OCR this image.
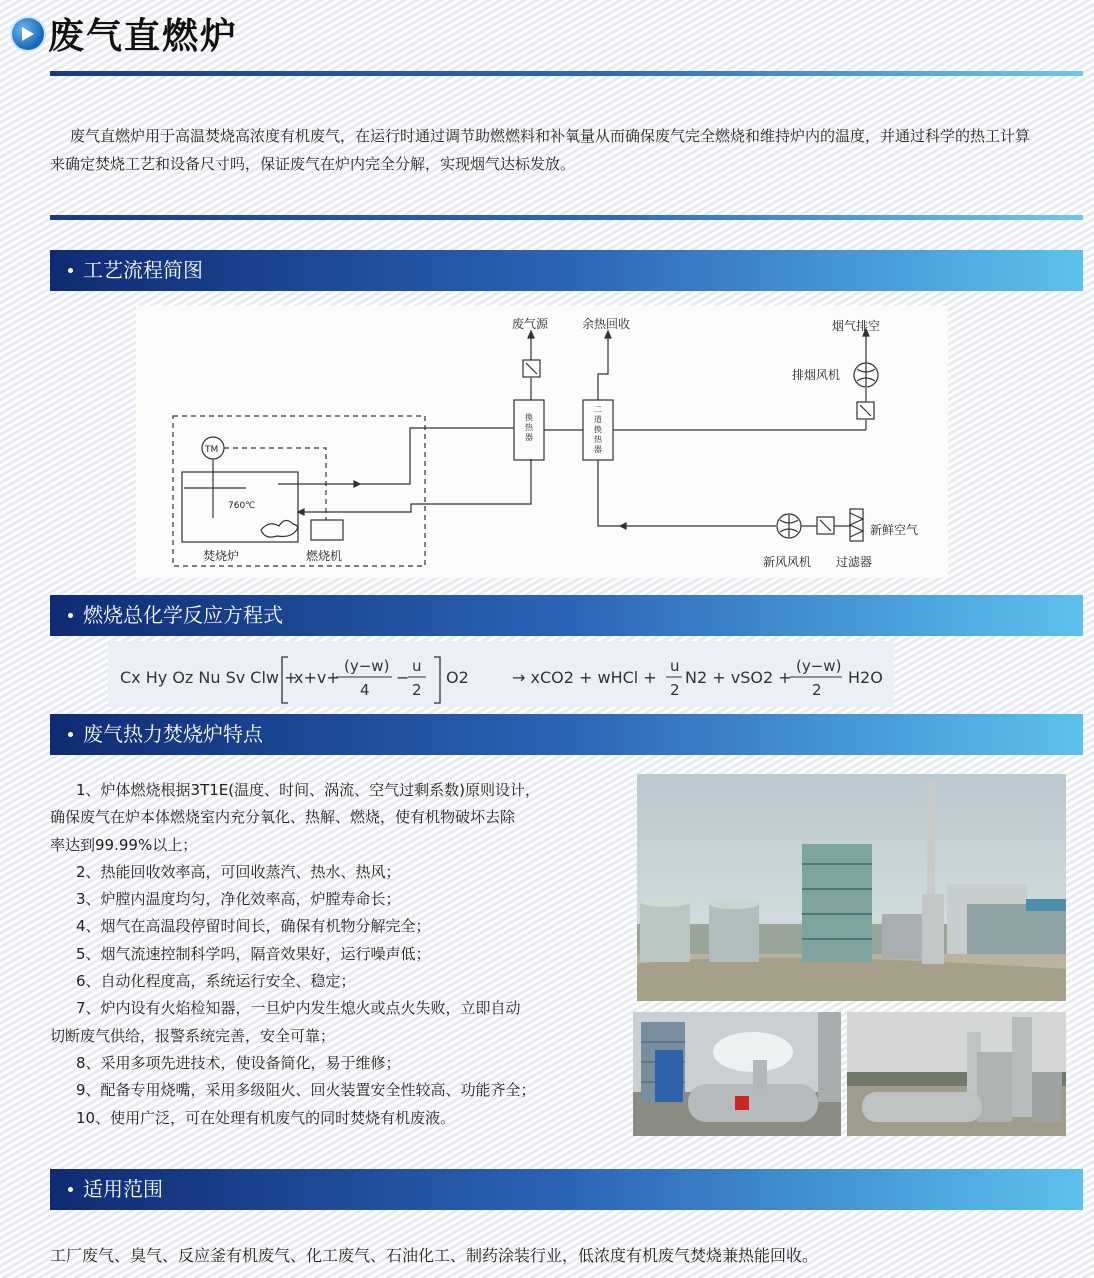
废气直燃炉

废气直燃炉用于高温焚烧高浓度有机废气，在运行时通过调节助燃燃料和补氧量从而确保废气完全燃烧和维持炉内的温度，并通过科学的热工计算来确定焚烧工艺和设备尺寸吗，保证废气在炉内完全分解，实现烟气达标发放。

工艺流程简图
废气源	余热回收	烟气排空
排烟风机
新鲜空气
新风风机 过滤器
焚烧炉	燃烧机
TM
760℃
换
热
器
二
道
换
热
器
燃烧总化学反应方程式
Cx Hy Oz Nu Sv Clw +
x+v+
(y−w)
4
−
u
2
O2	→ xCO2 + wHCl +
u
2
N2 + vSO2 +
(y−w)
2
H2O
废气热力焚烧炉特点

1、炉体燃烧根据3T1E(温度、时间、涡流、空气过剩系数)原则设计，

确保废气在炉本体燃烧室内充分氧化、热解、燃烧，使有机物破坏去除

率达到99.99%以上；

2、热能回收效率高，可回收蒸汽、热水、热风；

3、炉膛内温度均匀，净化效率高，炉膛寿命长；

4、烟气在高温段停留时间长，确保有机物分解完全；

5、烟气流速控制科学吗，隔音效果好，运行噪声低；

6、自动化程度高，系统运行安全、稳定；

7、炉内设有火焰检知器，一旦炉内发生熄火或点火失败，立即自动

切断废气供给，报警系统完善，安全可靠；

8、采用多项先进技术，使设备简化，易于维修；

9、配备专用烧嘴，采用多级阻火、回火装置安全性较高、功能齐全；

10、使用广泛，可在处理有机废气的同时焚烧有机废液。

适用范围

工厂废气、臭气、反应釜有机废气、化工废气、石油化工、制药涂装行业，低浓度有机废气焚烧兼热能回收。
